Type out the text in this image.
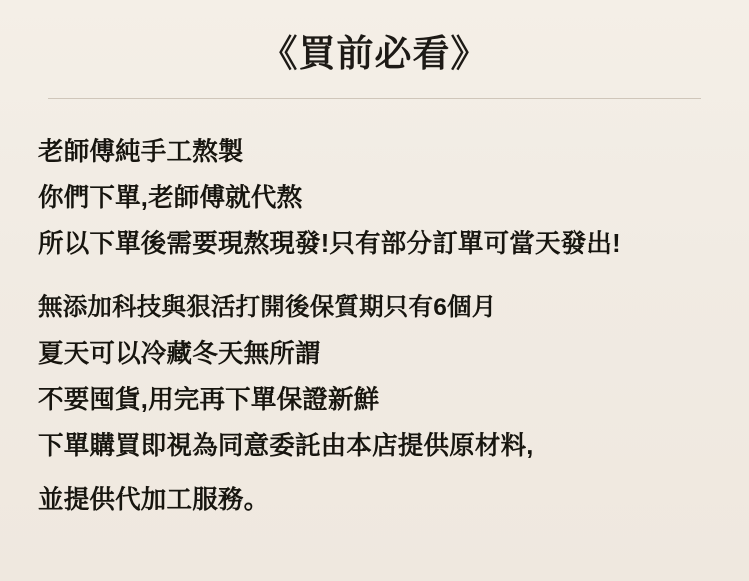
《買前必看》
老師傅純手工熬製
你們下單,老師傅就代熬
所以下單後需要現熬現發!只有部分訂單可當天發出!
無添加科技與狠活打開後保質期只有6個月
夏天可以冷藏冬天無所謂
不要囤貨,用完再下單保證新鮮
下單購買即視為同意委託由本店提供原材料,
並提供代加工服務。
